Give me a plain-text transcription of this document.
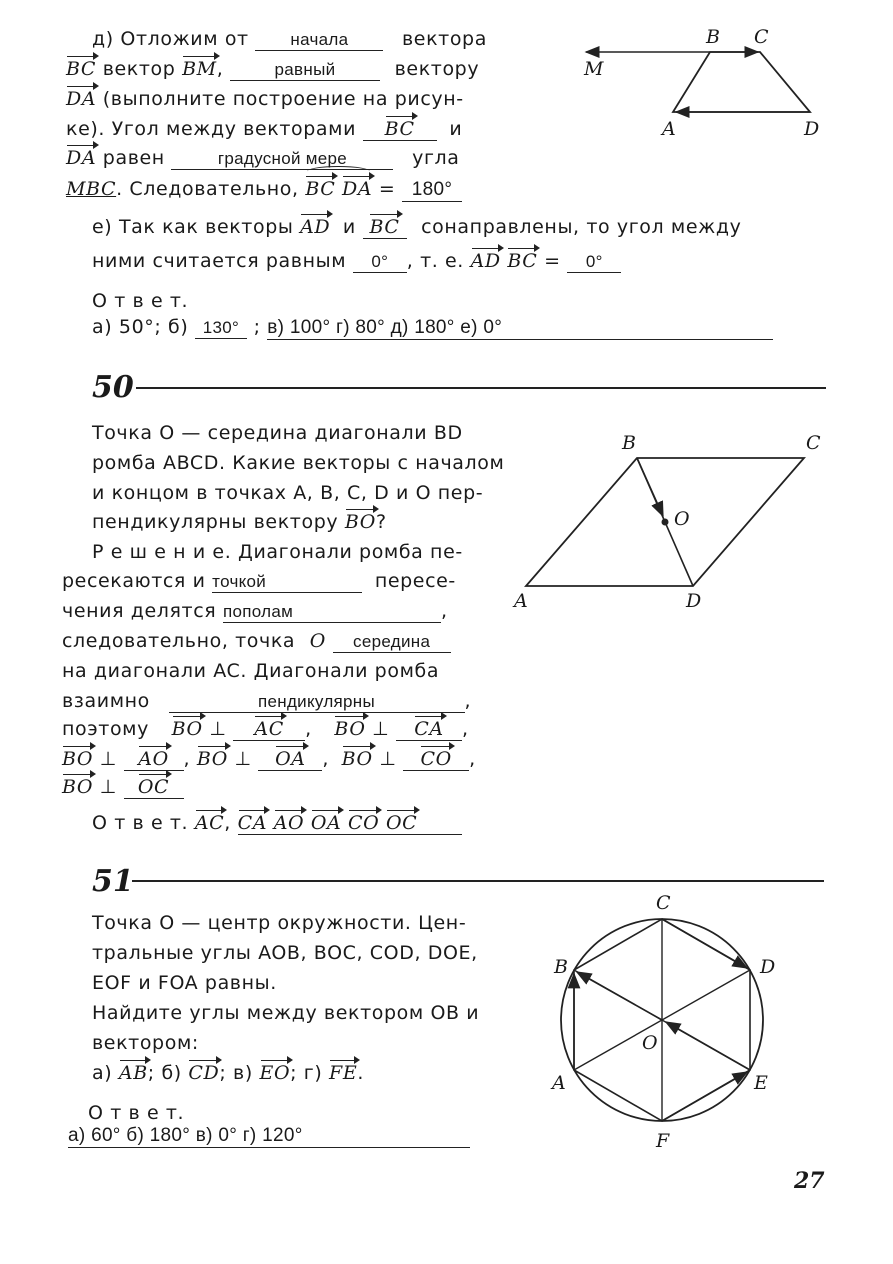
д) Отложим от начала	вектора
BC вектор BM,	равный	вектору
DA (выполните построение на рисун-
ке). Угол между векторами BC и
DA равен	градусной мере	угла
MBC. Следовательно, BC DA = 180°
е) Так как векторы AD и BC сонаправлены, то угол между
ними считается равным 0° , т. е. AD BC = 0°
О т в е т.
а) 50°; б) 130° ; в) 100° г) 80° д) 180° е) 0°
B C
M
A	D
50
Точка O — середина диагонали BD
ромба ABCD. Какие векторы с началом
и концом в точках A, B, C, D и O пер-
пендикулярны вектору BO?
Р е ш е н и е. Диагонали ромба пе-
ресекаются и точкой	пересе-
чения делятся пополам	,
следовательно, точка O середина
на диагонали AC. Диагонали ромба
взаимно	пендикулярны	,
поэтому BO ⊥ AC , BO ⊥ CA ,
BO ⊥ AO , BO ⊥ OA , BO ⊥ CO ,
BO ⊥ OC
О т в е т. AC, CA AO OA CO OC
B	C
A	D
O
51
Точка O — центр окружности. Цен-
тральные углы AOB, BOC, COD, DOE,
EOF и FOA равны.
Найдите углы между вектором OB и
вектором:
а) AB; б) CD; в) EO; г) FE.
О т в е т.
а) 60° б) 180° в) 0° г) 120°
C
B	D
O
A	E
F
27
